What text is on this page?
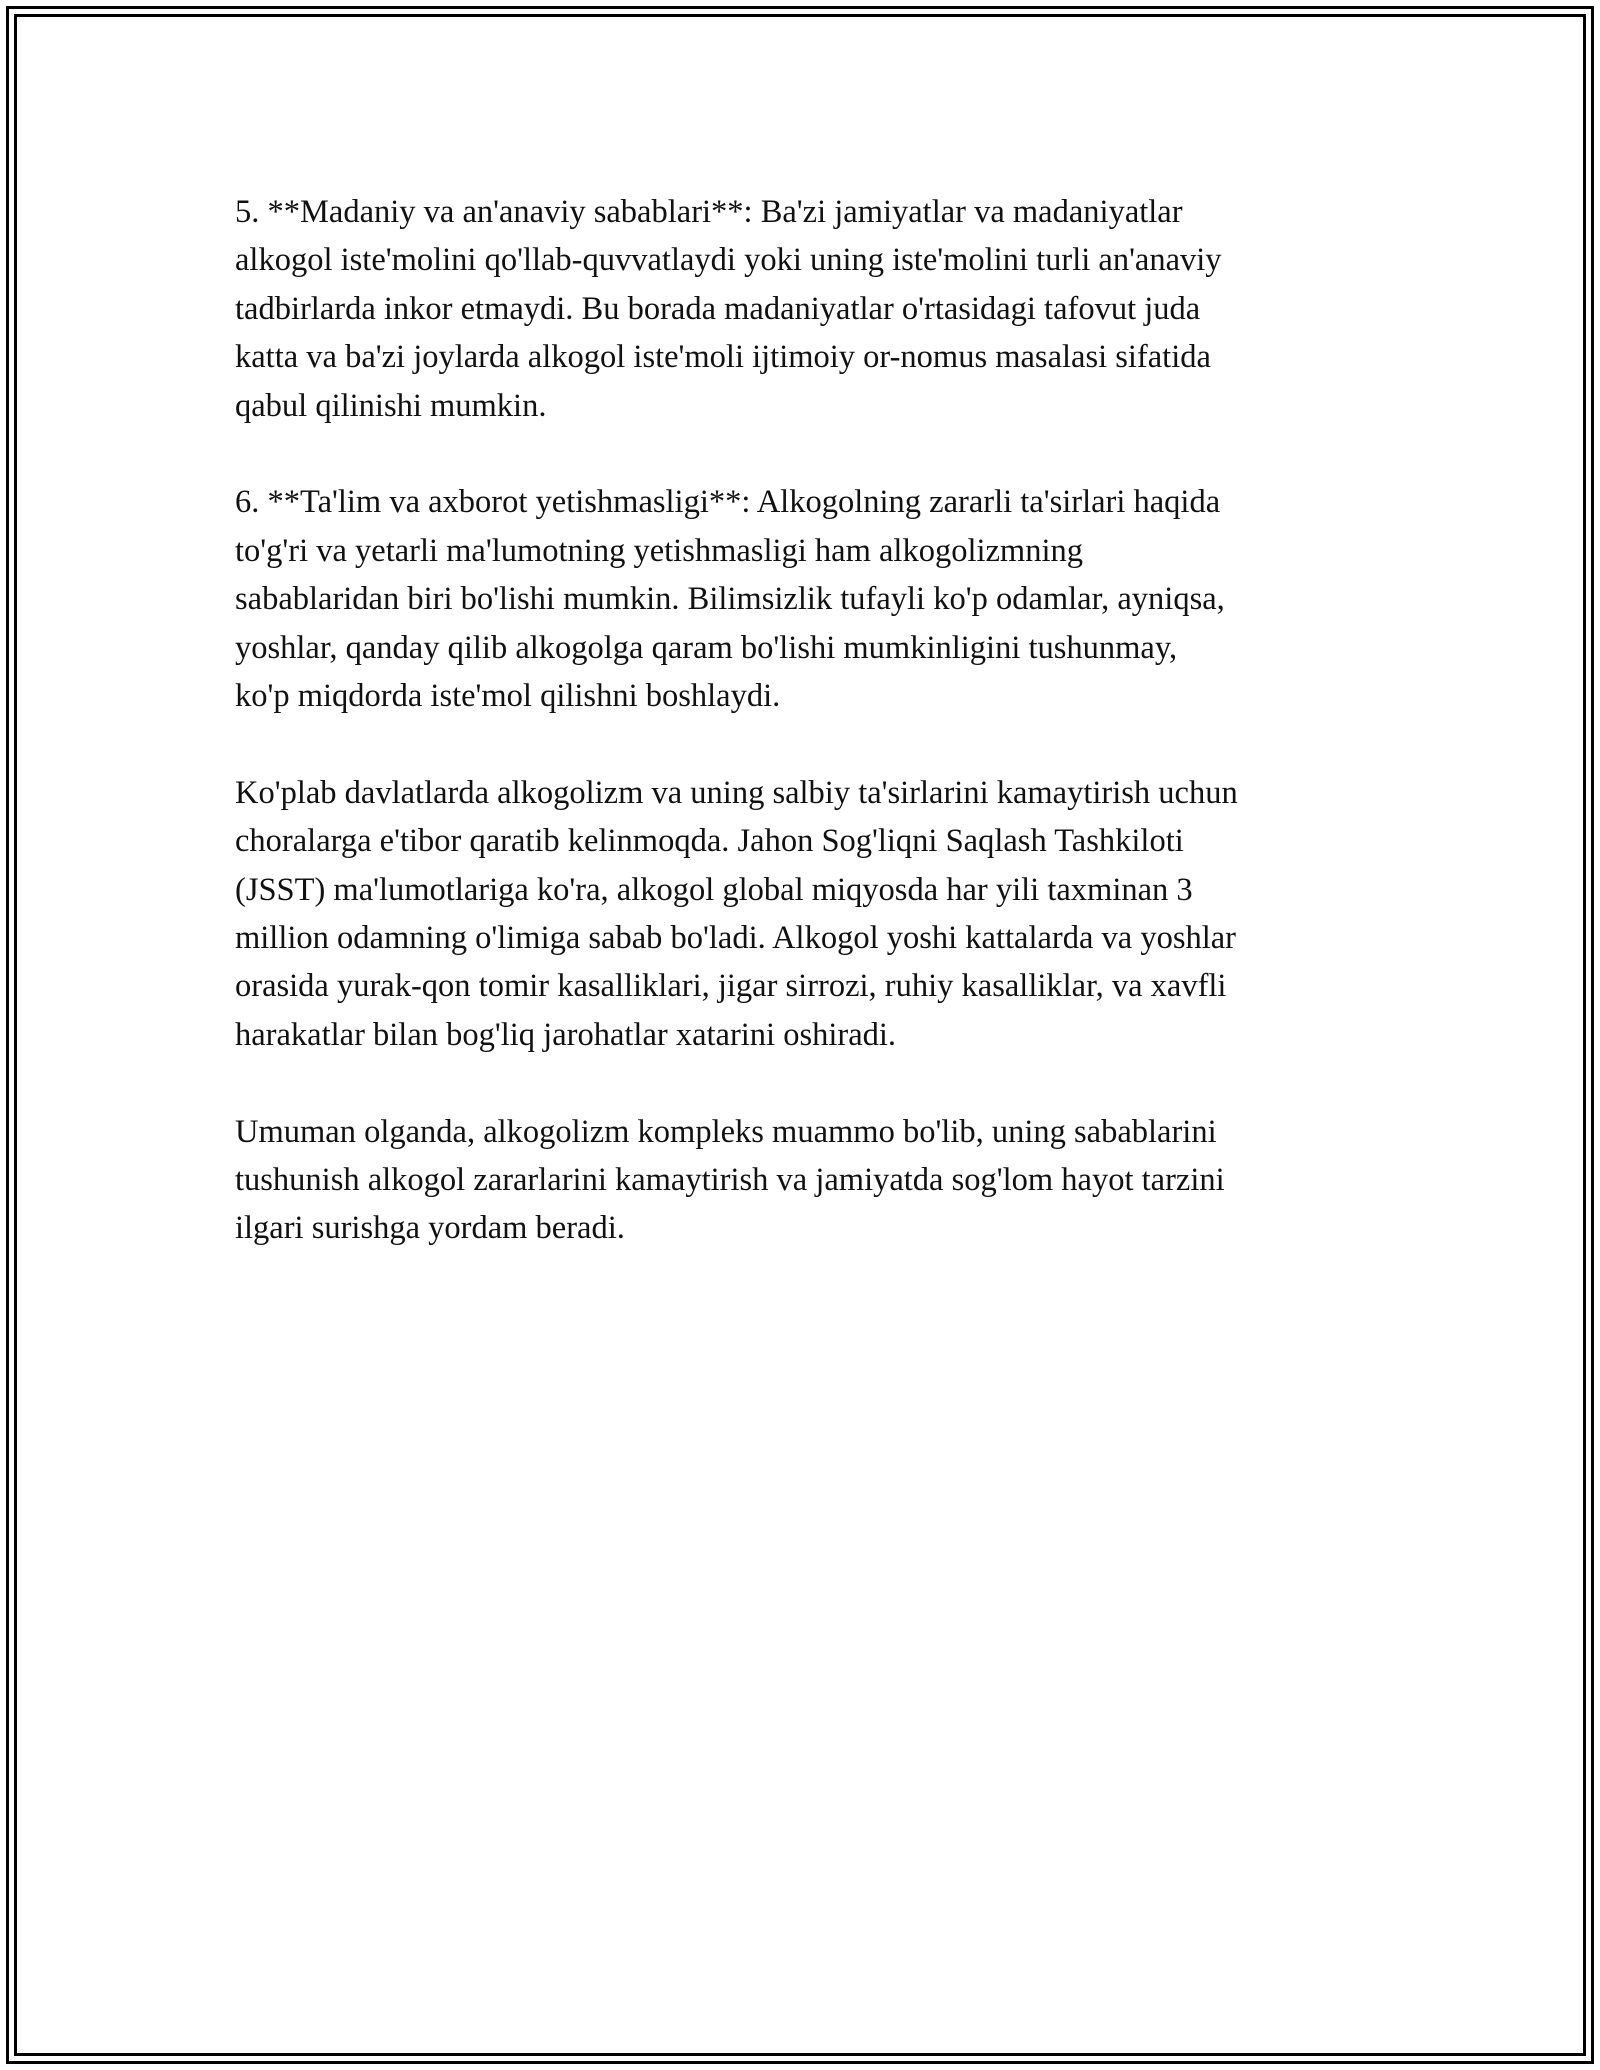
5. **Madaniy va an'anaviy sabablari**: Ba'zi jamiyatlar va madaniyatlar
alkogol iste'molini qo'llab-quvvatlaydi yoki uning iste'molini turli an'anaviy
tadbirlarda inkor etmaydi. Bu borada madaniyatlar o'rtasidagi tafovut juda
katta va ba'zi joylarda alkogol iste'moli ijtimoiy or-nomus masalasi sifatida
qabul qilinishi mumkin.

6. **Ta'lim va axborot yetishmasligi**: Alkogolning zararli ta'sirlari haqida
to'g'ri va yetarli ma'lumotning yetishmasligi ham alkogolizmning
sabablaridan biri bo'lishi mumkin. Bilimsizlik tufayli ko'p odamlar, ayniqsa,
yoshlar, qanday qilib alkogolga qaram bo'lishi mumkinligini tushunmay,
ko'p miqdorda iste'mol qilishni boshlaydi.

Ko'plab davlatlarda alkogolizm va uning salbiy ta'sirlarini kamaytirish uchun
choralarga e'tibor qaratib kelinmoqda. Jahon Sog'liqni Saqlash Tashkiloti
(JSST) ma'lumotlariga ko'ra, alkogol global miqyosda har yili taxminan 3
million odamning o'limiga sabab bo'ladi. Alkogol yoshi kattalarda va yoshlar
orasida yurak-qon tomir kasalliklari, jigar sirrozi, ruhiy kasalliklar, va xavfli
harakatlar bilan bog'liq jarohatlar xatarini oshiradi.

Umuman olganda, alkogolizm kompleks muammo bo'lib, uning sabablarini
tushunish alkogol zararlarini kamaytirish va jamiyatda sog'lom hayot tarzini
ilgari surishga yordam beradi.
